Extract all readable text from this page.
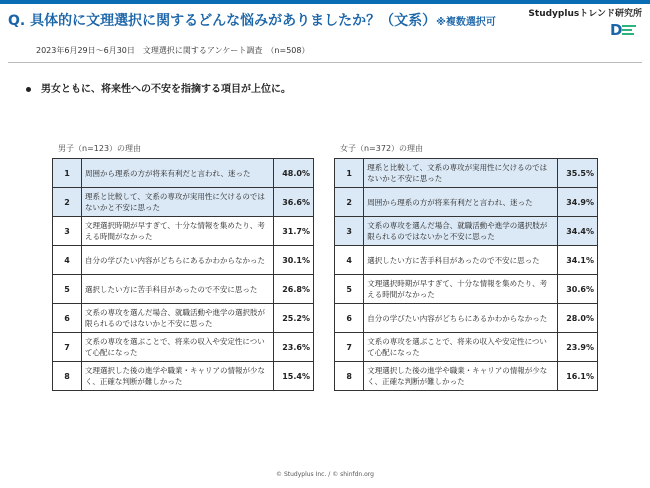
Q. 具体的に文理選択に関するどんな悩みがありましたか？（文系）※複数選択可
Studyplusトレンド研究所
D
2023年6月29日〜6月30日　文理選択に関するアンケート調査　（n=508）
男女ともに、将来性への不安を指摘する項目が上位に。
男子（n=123）の理由
1	周囲から理系の方が将来有利だと言われ、迷った	48.0%
2	理系と比較して、文系の専攻が実用性に欠けるのではないかと不安に思った	36.6%
3	文理選択時期が早すぎて、十分な情報を集めたり、考える時間がなかった	31.7%
4	自分の学びたい内容がどちらにあるかわからなかった	30.1%
5	選択したい方に苦手科目があったので不安に思った	26.8%
6	文系の専攻を選んだ場合、就職活動や進学の選択肢が限られるのではないかと不安に思った	25.2%
7	文系の専攻を選ぶことで、将来の収入や安定性について心配になった	23.6%
8	文理選択した後の進学や職業・キャリアの情報が少なく、正確な判断が難しかった	15.4%
女子（n=372）の理由
1	理系と比較して、文系の専攻が実用性に欠けるのではないかと不安に思った	35.5%
2	周囲から理系の方が将来有利だと言われ、迷った	34.9%
3	文系の専攻を選んだ場合、就職活動や進学の選択肢が限られるのではないかと不安に思った	34.4%
4	選択したい方に苦手科目があったので不安に思った	34.1%
5	文理選択時期が早すぎて、十分な情報を集めたり、考える時間がなかった	30.6%
6	自分の学びたい内容がどちらにあるかわからなかった	28.0%
7	文系の専攻を選ぶことで、将来の収入や安定性について心配になった	23.9%
8	文理選択した後の進学や職業・キャリアの情報が少なく、正確な判断が難しかった	16.1%
© Studyplus Inc. / © shinfdn.org
